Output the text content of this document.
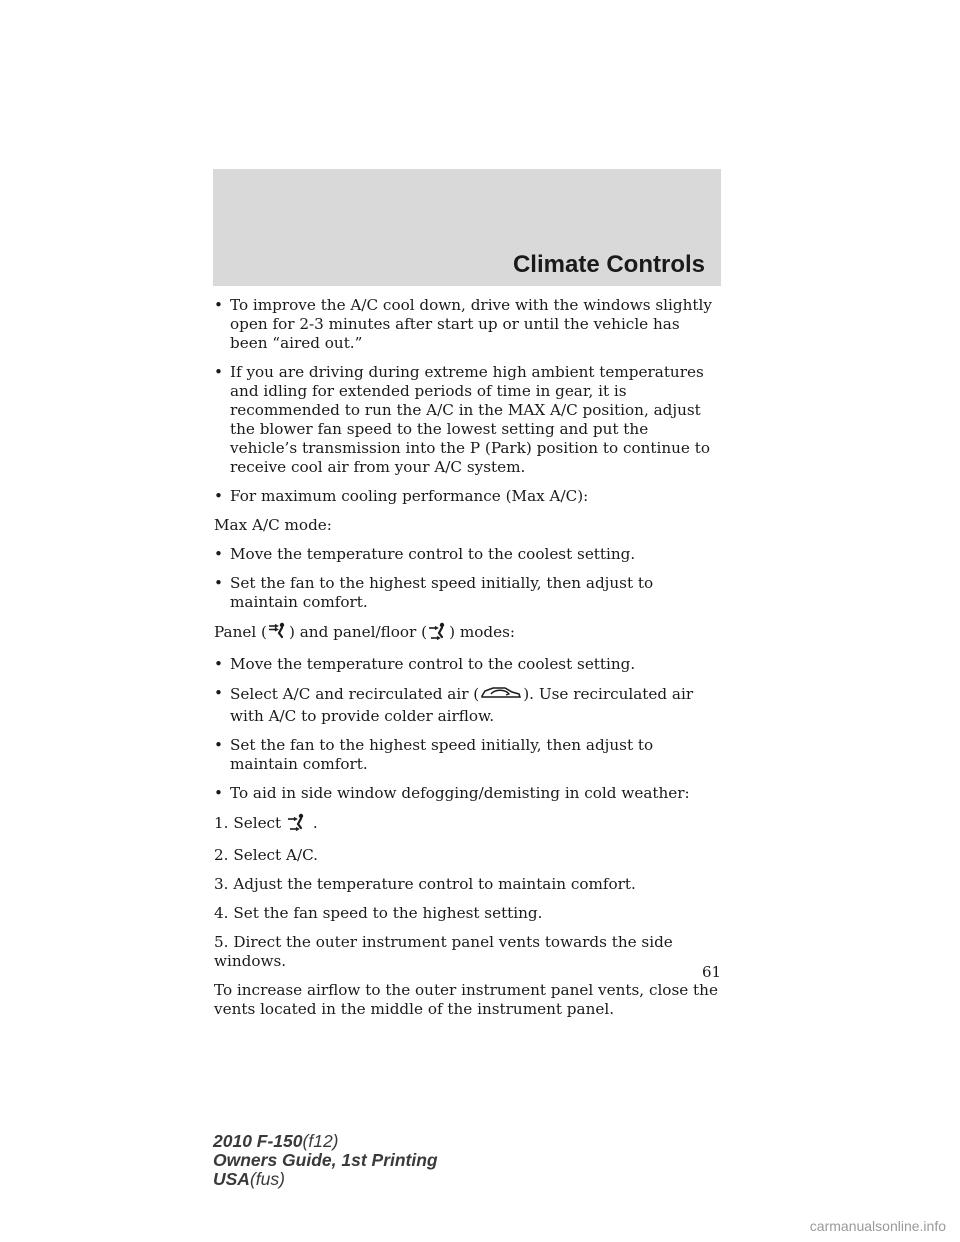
Climate Controls
• To improve the A/C cool down, drive with the windows slightly open for 2-3 minutes after start up or until the vehicle has been “aired out.”
• If you are driving during extreme high ambient temperatures and idling for extended periods of time in gear, it is recommended to run the A/C in the MAX A/C position, adjust the blower fan speed to the lowest setting and put the vehicle’s transmission into the P (Park) position to continue to receive cool air from your A/C system.
• For maximum cooling performance (Max A/C):

Max A/C mode:

• Move the temperature control to the coolest setting.
• Set the fan to the highest speed initially, then adjust to maintain comfort.

Panel ( ) and panel/floor ( ) modes:

• Move the temperature control to the coolest setting.
• Select A/C and recirculated air (	). Use recirculated air with A/C to provide colder airflow.
• Set the fan to the highest speed initially, then adjust to maintain comfort.
• To aid in side window defogging/demisting in cold weather:

1. Select .

2. Select A/C.

3. Adjust the temperature control to maintain comfort.

4. Set the fan speed to the highest setting.

5. Direct the outer instrument panel vents towards the side windows.

To increase airflow to the outer instrument panel vents, close the vents located in the middle of the instrument panel.

61
2010 F-150(f12)
Owners Guide, 1st Printing
USA(fus)
carmanualsonline.info
